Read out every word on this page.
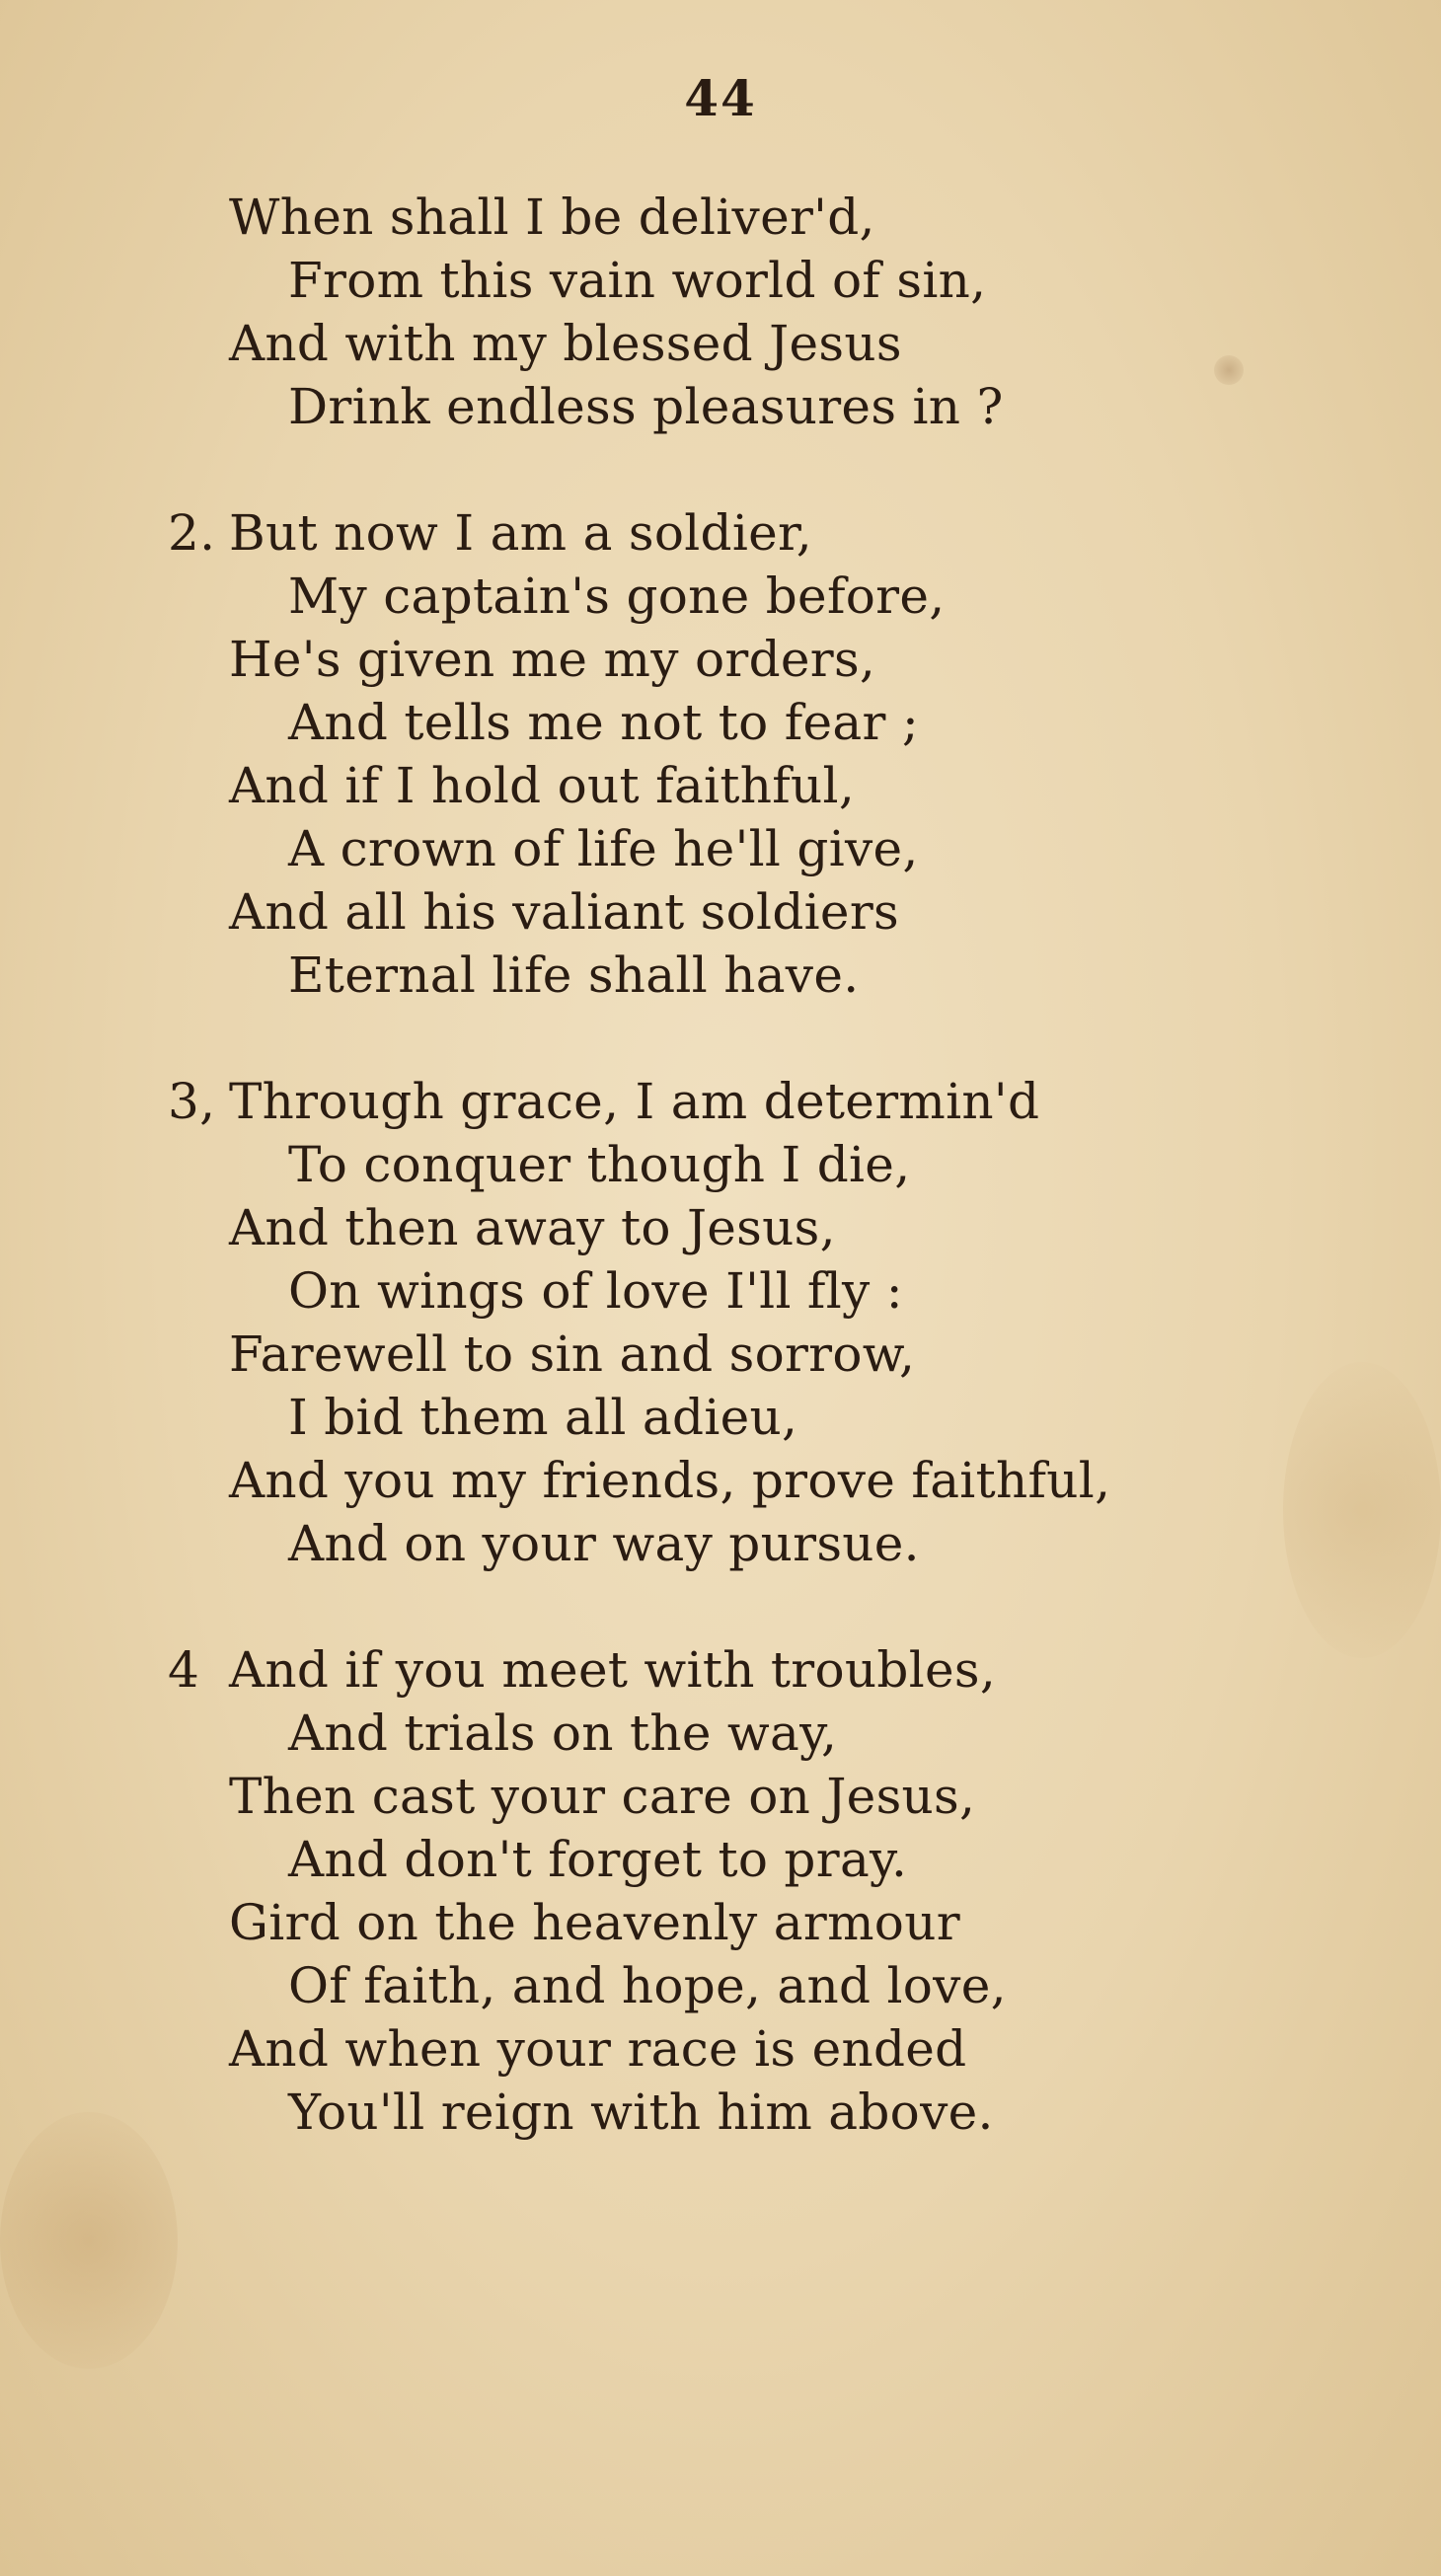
44
When shall I be deliver'd,
From this vain world of sin,
And with my blessed Jesus
Drink endless pleasures in ?
2. But now I am a soldier,
My captain's gone before,
He's given me my orders,
And tells me not to fear ;
And if I hold out faithful,
A crown of life he'll give,
And all his valiant soldiers
Eternal life shall have.
3, Through grace, I am determin'd
To conquer though I die,
And then away to Jesus,
On wings of love I'll fly :
Farewell to sin and sorrow,
I bid them all adieu,
And you my friends, prove faithful,
And on your way pursue.
4 And if you meet with troubles,
And trials on the way,
Then cast your care on Jesus,
And don't forget to pray.
Gird on the heavenly armour
Of faith, and hope, and love,
And when your race is ended
You'll reign with him above.
